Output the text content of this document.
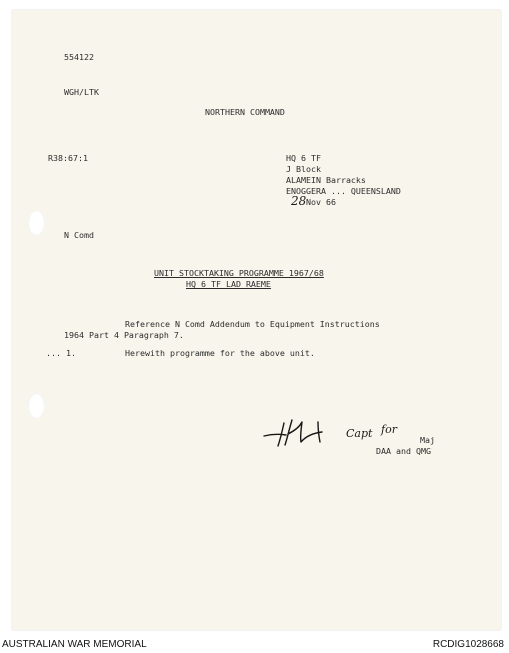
554122
WGH/LTK
NORTHERN COMMAND
R38:67:1	HQ 6 TF
J Block
ALAMEIN Barracks
ENOGGERA ... QUEENSLAND
28 Nov 66
N Comd
UNIT STOCKTAKING PROGRAMME 1967/68
HQ 6 TF LAD RAEME
Reference N Comd Addendum to Equipment Instructions
1964 Part 4 Paragraph 7.
... 1.	Herewith programme for the above unit.
Capt for
Maj
DAA and QMG
AUSTRALIAN WAR MEMORIAL	RCDIG1028668
